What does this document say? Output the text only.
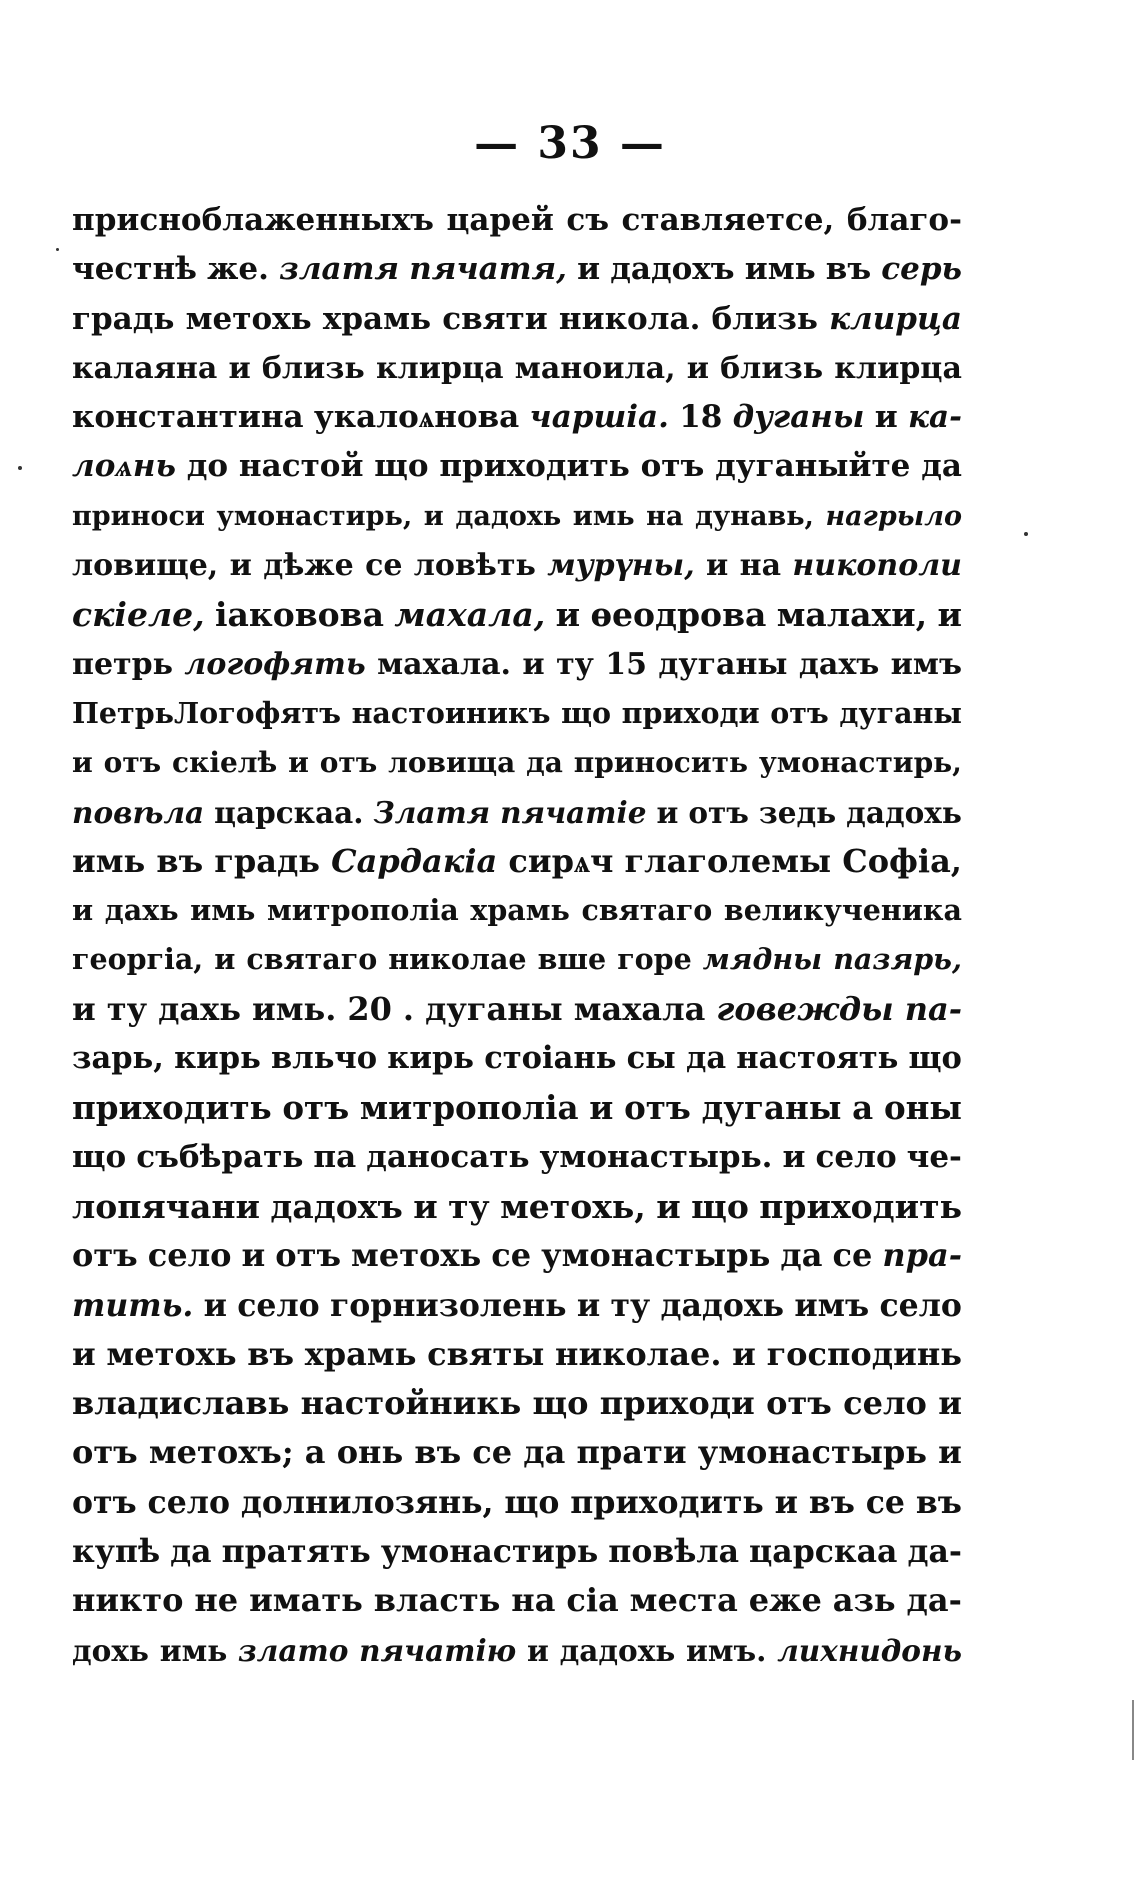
— 33 —
присноблаженныхъ царей съ ставляетсе, благо-
честнѣ же. златя пячатя, и дадохъ имь въ серь
градь метохь храмь святи никола. близь клирца
калаяна и близь клирца маноила, и близь клирца
констaнтина укалоѧнова чаршiа. 18 дуганы и ка-
лоѧнь до настой що приходить отъ дуганыйте да
приноси умонастирь, и дадохь имь на дунавь, нагрыло
ловище, и дѣже се ловѣть мурүны, и на никополи
скiеле, iаковова махала, и ѳеодрова малахи, и
петрь логофять махала. и ту 15 дуганы дахъ имъ
ПетрьЛогофятъ настоиникъ що приходи отъ дуганы
и отъ скiелѣ и отъ ловища да приносить умонастирь,
повѣла царскаа. Златя пячатiе и отъ зедь дадохь
имь въ градь Сардакiа сирѧч глаголемы Софiа,
и дахь имь митрополiа храмь святаго великученика
георгiа, и святаго николае вше горе мядны пазярь,
и ту дахь имь. 20 . дуганы махала говежды па-
зарь, кирь вльчо кирь стоiань сы да настоять що
приходить отъ митрополiа и отъ дуганы а оны
що събѣрать па даносать умонастырь. и село че-
лопячани дадохъ и ту метохь, и що приходить
отъ село и отъ метохь се умонастырь да се пра-
тить. и село горнизолень и ту дадохь имъ село
и метохь въ храмь святы николае. и господинь
владиславь настойникь що приходи отъ село и
отъ метохъ; а онь въ се да прати умонастырь и
отъ село долнилозянь, що приходить и въ се въ
купѣ да пратять умонастирь повѣла царскаа да-
никто не имать власть на сiа места еже азь да-
дохь имь злато пячатiю и дадохь имъ. лихнидонь
